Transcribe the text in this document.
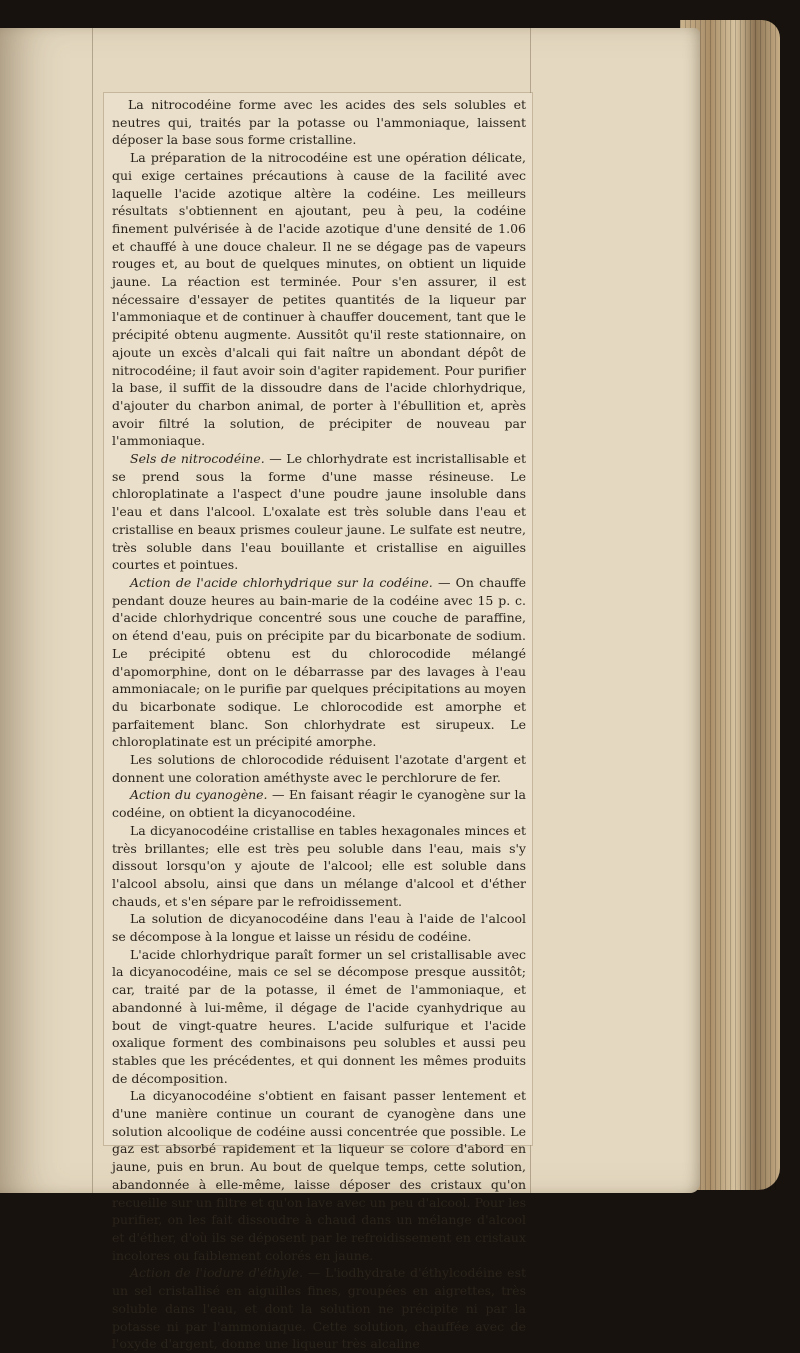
La nitrocodéine forme avec les acides des sels solubles et neutres qui, traités par la potasse ou l'ammoniaque, laissent déposer la base sous forme cristalline.

La préparation de la nitrocodéine est une opération délicate, qui exige certaines précautions à cause de la facilité avec laquelle l'acide azotique altère la codéine. Les meilleurs résultats s'obtiennent en ajoutant, peu à peu, la codéine finement pulvérisée à de l'acide azotique d'une densité de 1.06 et chauffé à une douce chaleur. Il ne se dégage pas de vapeurs rouges et, au bout de quelques minutes, on obtient un liquide jaune. La réaction est terminée. Pour s'en assurer, il est nécessaire d'essayer de petites quantités de la liqueur par l'ammoniaque et de continuer à chauffer doucement, tant que le précipité obtenu augmente. Aussitôt qu'il reste stationnaire, on ajoute un excès d'alcali qui fait naître un abondant dépôt de nitrocodéine; il faut avoir soin d'agiter rapidement. Pour purifier la base, il suffit de la dissoudre dans de l'acide chlorhydrique, d'ajouter du charbon animal, de porter à l'ébullition et, après avoir filtré la solution, de précipiter de nouveau par l'ammoniaque.

Sels de nitrocodéine. — Le chlorhydrate est incristallisable et se prend sous la forme d'une masse résineuse. Le chloroplatinate a l'aspect d'une poudre jaune insoluble dans l'eau et dans l'alcool. L'oxalate est très soluble dans l'eau et cristallise en beaux prismes couleur jaune. Le sulfate est neutre, très soluble dans l'eau bouillante et cristallise en aiguilles courtes et pointues.

Action de l'acide chlorhydrique sur la codéine. — On chauffe pendant douze heures au bain-marie de la codéine avec 15 p. c. d'acide chlorhydrique concentré sous une couche de paraffine, on étend d'eau, puis on précipite par du bicarbonate de sodium. Le précipité obtenu est du chlorocodide mélangé d'apomorphine, dont on le débarrasse par des lavages à l'eau ammoniacale; on le purifie par quelques précipitations au moyen du bicarbonate sodique. Le chlorocodide est amorphe et parfaitement blanc. Son chlorhydrate est sirupeux. Le chloroplatinate est un précipité amorphe.

Les solutions de chlorocodide réduisent l'azotate d'argent et donnent une coloration améthyste avec le perchlorure de fer.

Action du cyanogène. — En faisant réagir le cyanogène sur la codéine, on obtient la dicyanocodéine.

La dicyanocodéine cristallise en tables hexagonales minces et très brillantes; elle est très peu soluble dans l'eau, mais s'y dissout lorsqu'on y ajoute de l'alcool; elle est soluble dans l'alcool absolu, ainsi que dans un mélange d'alcool et d'éther chauds, et s'en sépare par le refroidissement.

La solution de dicyanocodéine dans l'eau à l'aide de l'alcool se décompose à la longue et laisse un résidu de codéine.

L'acide chlorhydrique paraît former un sel cristallisable avec la dicyanocodéine, mais ce sel se décompose presque aussitôt; car, traité par de la potasse, il émet de l'ammoniaque, et abandonné à lui-même, il dégage de l'acide cyanhydrique au bout de vingt-quatre heures. L'acide sulfurique et l'acide oxalique forment des combinaisons peu solubles et aussi peu stables que les précédentes, et qui donnent les mêmes produits de décomposition.

La dicyanocodéine s'obtient en faisant passer lentement et d'une manière continue un courant de cyanogène dans une solution alcoolique de codéine aussi concentrée que possible. Le gaz est absorbé rapidement et la liqueur se colore d'abord en jaune, puis en brun. Au bout de quelque temps, cette solution, abandonnée à elle-même, laisse déposer des cristaux qu'on recueille sur un filtre et qu'on lave avec un peu d'alcool. Pour les purifier, on les fait dissoudre à chaud dans un mélange d'alcool et d'éther, d'où ils se déposent par le refroidissement en cristaux incolores ou faiblement colorés en jaune.

Action de l'iodure d'éthyle. — L'iodhydrate d'éthylcodéine est un sel cristallisé en aiguilles fines, groupées en aigrettes, très soluble dans l'eau, et dont la solution ne précipite ni par la potasse ni par l'ammoniaque. Cette solution, chauffée avec de l'oxyde d'argent, donne une liqueur très alcaline
